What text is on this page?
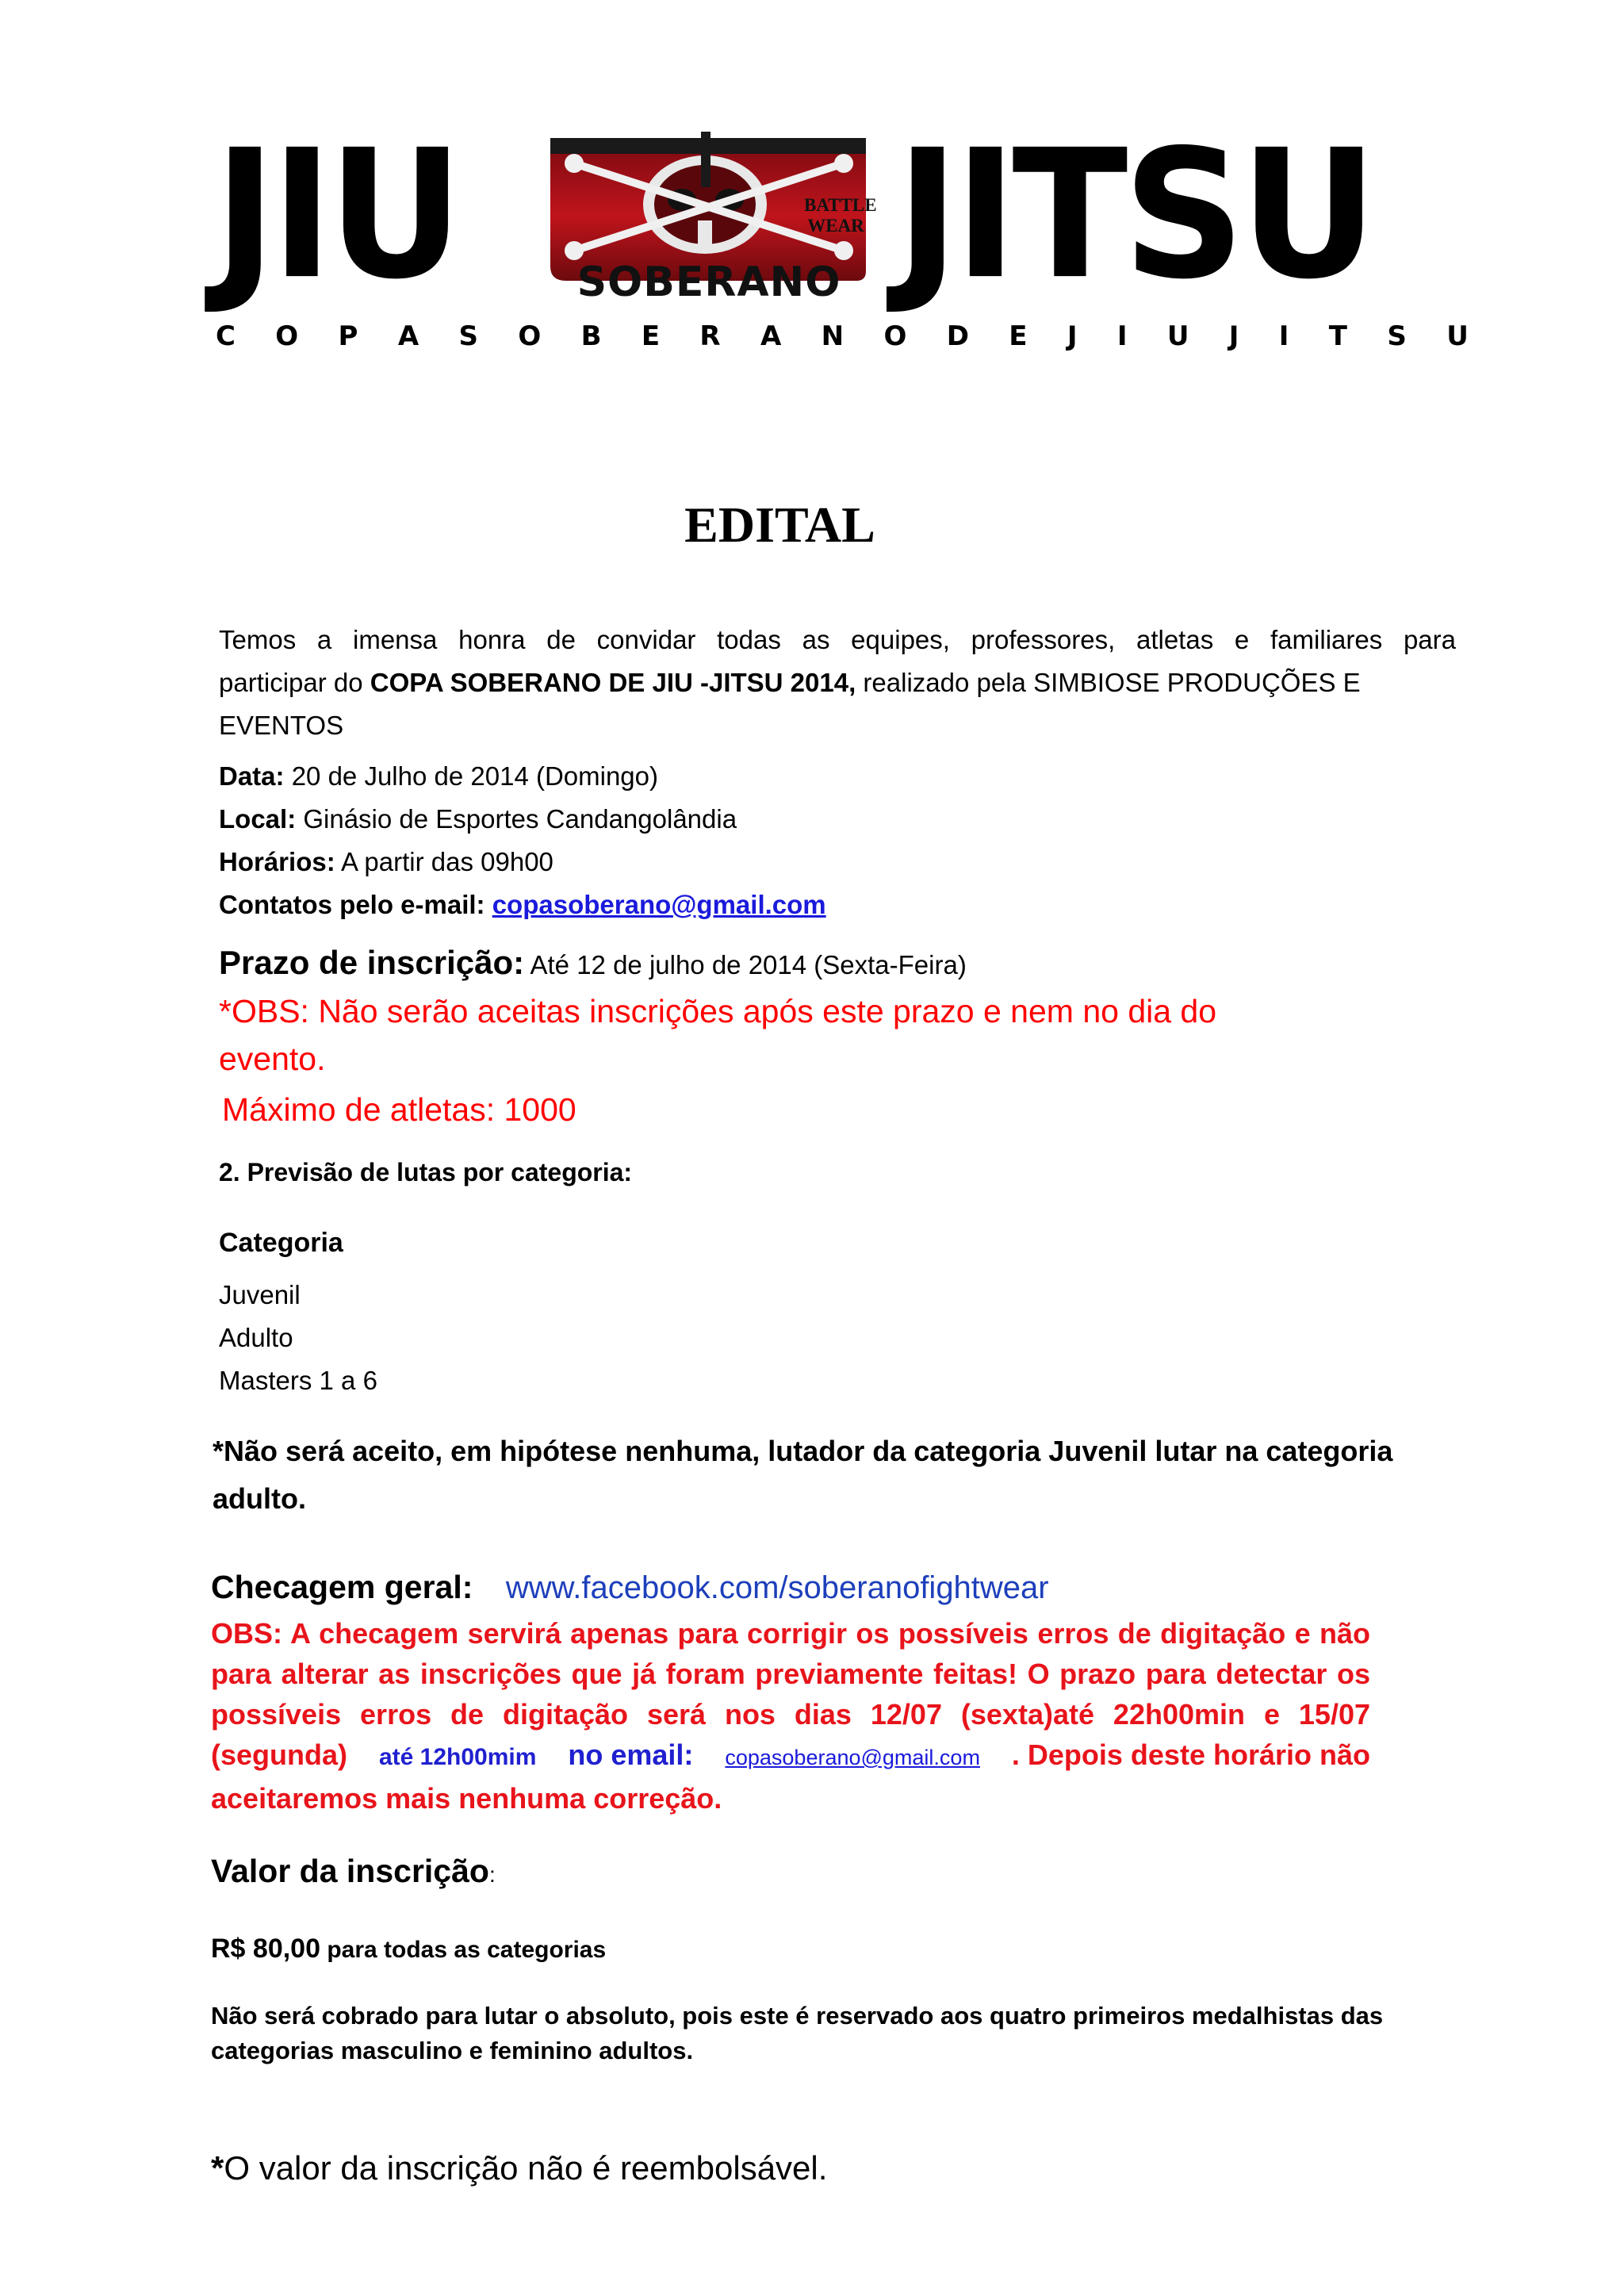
JIU	JITSU
BATTLE WEAR
SOBERANO
C O P A S O B E R A N O D E J I U J I T S U
EDITAL
Temos a imensa honra de convidar todas as equipes, professores, atletas e familiares para
participar do COPA SOBERANO DE JIU -JITSU 2014, realizado pela SIMBIOSE PRODUÇÕES E EVENTOS
Data: 20 de Julho de 2014 (Domingo)
Local: Ginásio de Esportes Candangolândia
Horários: A partir das 09h00
Contatos pelo e-mail: copasoberano@gmail.com
Prazo de inscrição: Até 12 de julho de 2014 (Sexta-Feira)
*OBS: Não serão aceitas inscrições após este prazo e nem no dia do
evento.
Máximo de atletas: 1000
2. Previsão de lutas por categoria:
Categoria
Juvenil
Adulto
Masters 1 a 6
*Não será aceito, em hipótese nenhuma, lutador da categoria Juvenil lutar na categoria
adulto.
Checagem geral: www.facebook.com/soberanofightwear
OBS: A checagem servirá apenas para corrigir os possíveis erros de digitação e não
para alterar as inscrições que já foram previamente feitas! O prazo para detectar os
possíveis erros de digitação será nos dias 12/07 (sexta)até 22h00min e 15/07
(segunda) até 12h00mim no email: copasoberano@gmail.com . Depois deste horário não
aceitaremos mais nenhuma correção.
Valor da inscrição:
R$ 80,00 para todas as categorias
Não será cobrado para lutar o absoluto, pois este é reservado aos quatro primeiros medalhistas das
categorias masculino e feminino adultos.
*O valor da inscrição não é reembolsável.
